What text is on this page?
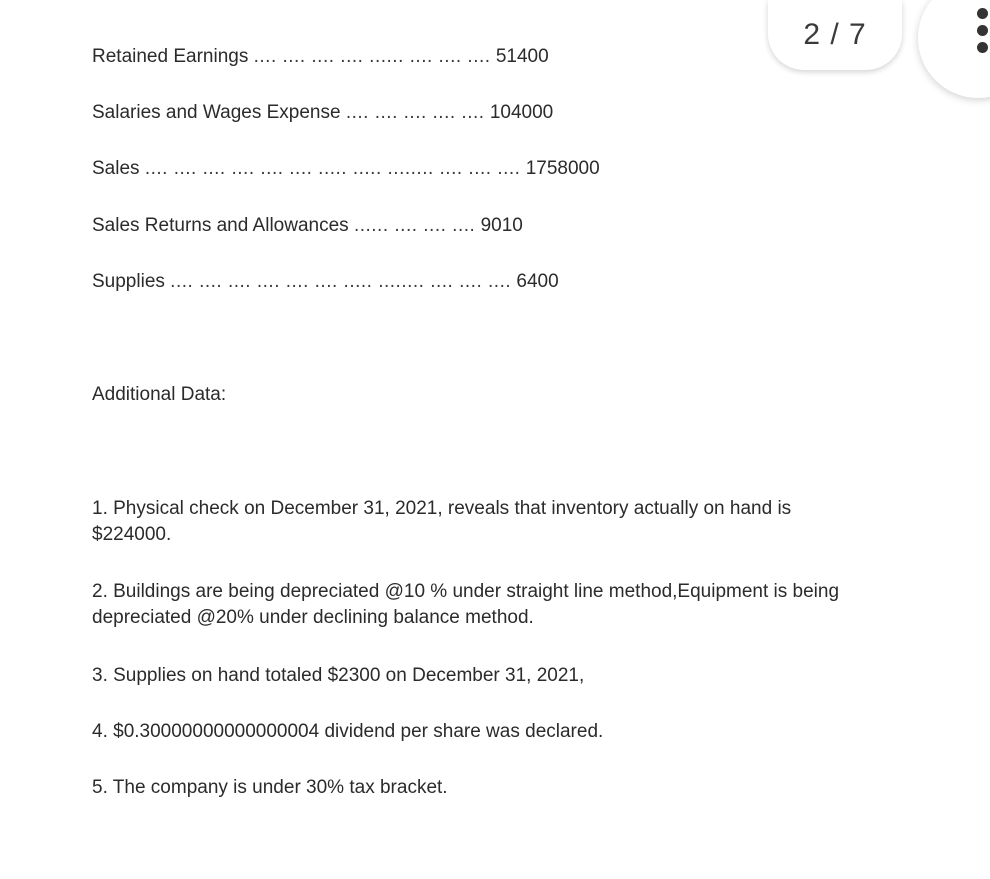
Retained Earnings .... .... .... .... ...... .... .... .... 51400
Salaries and Wages Expense .... .... .... .... .... 104000
Sales .... .... .... .... .... .... ..... ..... ........ .... .... .... 1758000
Sales Returns and Allowances ...... .... .... .... 9010
Supplies .... .... .... .... .... .... ..... ........ .... .... .... 6400
Additional Data:
1. Physical check on December 31, 2021, reveals that inventory actually on hand is $224000.
2. Buildings are being depreciated @10 % under straight line method,Equipment is being depreciated @20% under declining balance method.
3. Supplies on hand totaled $2300 on December 31, 2021,
4. $0.30000000000000004 dividend per share was declared.
5. The company is under 30% tax bracket.
2 / 7
